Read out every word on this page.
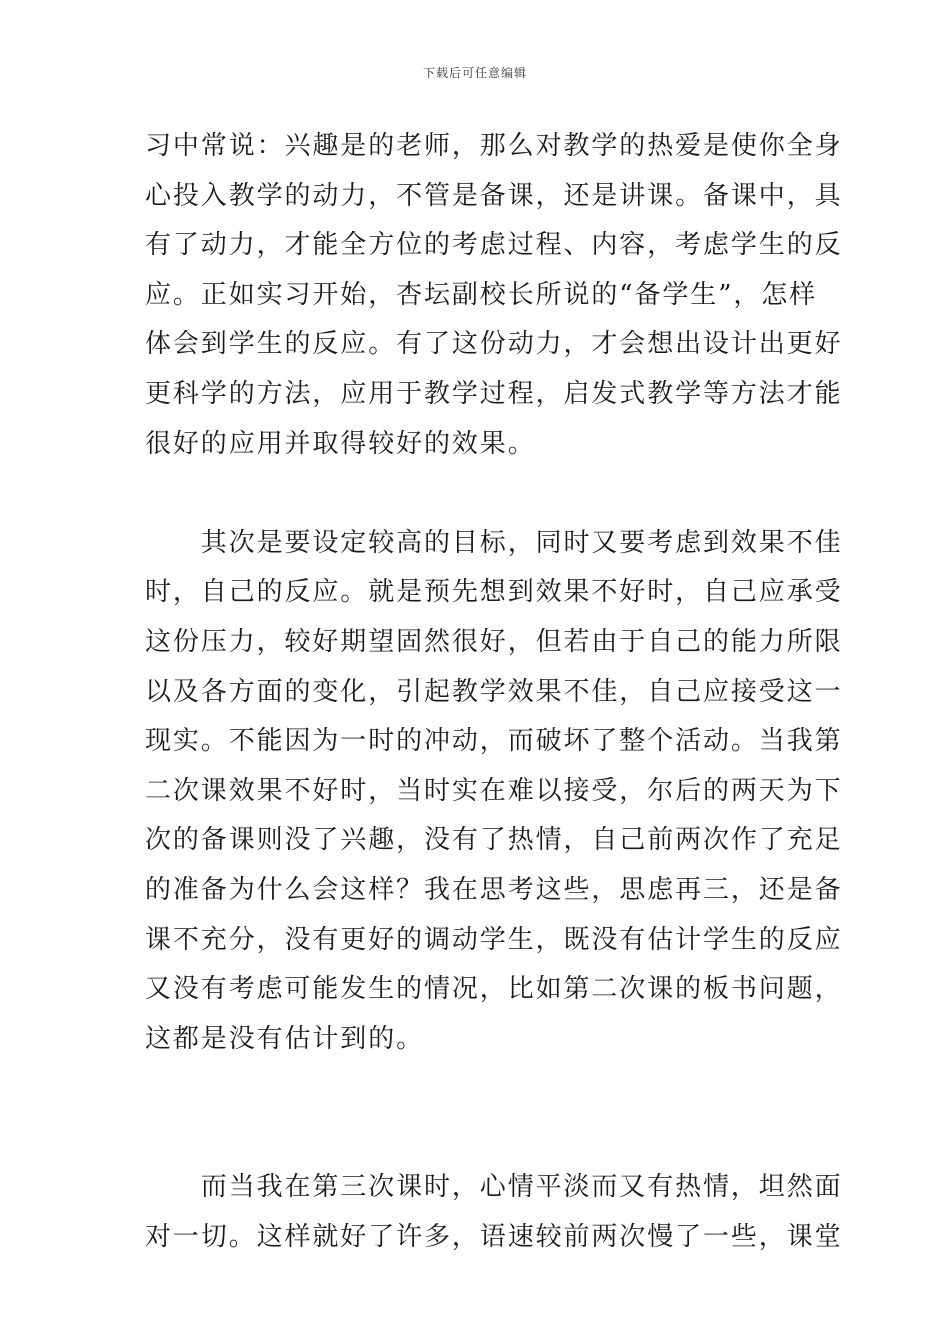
下载后可任意编辑
习中常说：兴趣是的老师，那么对教学的热爱是使你全身
心投入教学的动力，不管是备课，还是讲课。备课中，具
有了动力，才能全方位的考虑过程、内容，考虑学生的反
应。正如实习开始，杏坛副校长所说的“备学生”，怎样
体会到学生的反应。有了这份动力，才会想出设计出更好
更科学的方法，应用于教学过程，启发式教学等方法才能
很好的应用并取得较好的效果。
　　其次是要设定较高的目标，同时又要考虑到效果不佳
时，自己的反应。就是预先想到效果不好时，自己应承受
这份压力，较好期望固然很好，但若由于自己的能力所限
以及各方面的变化，引起教学效果不佳，自己应接受这一
现实。不能因为一时的冲动，而破坏了整个活动。当我第
二次课效果不好时，当时实在难以接受，尔后的两天为下
次的备课则没了兴趣，没有了热情，自己前两次作了充足
的准备为什么会这样？我在思考这些，思虑再三，还是备
课不充分，没有更好的调动学生，既没有估计学生的反应
又没有考虑可能发生的情况，比如第二次课的板书问题，
这都是没有估计到的。
　　而当我在第三次课时，心情平淡而又有热情，坦然面
对一切。这样就好了许多，语速较前两次慢了一些，课堂
